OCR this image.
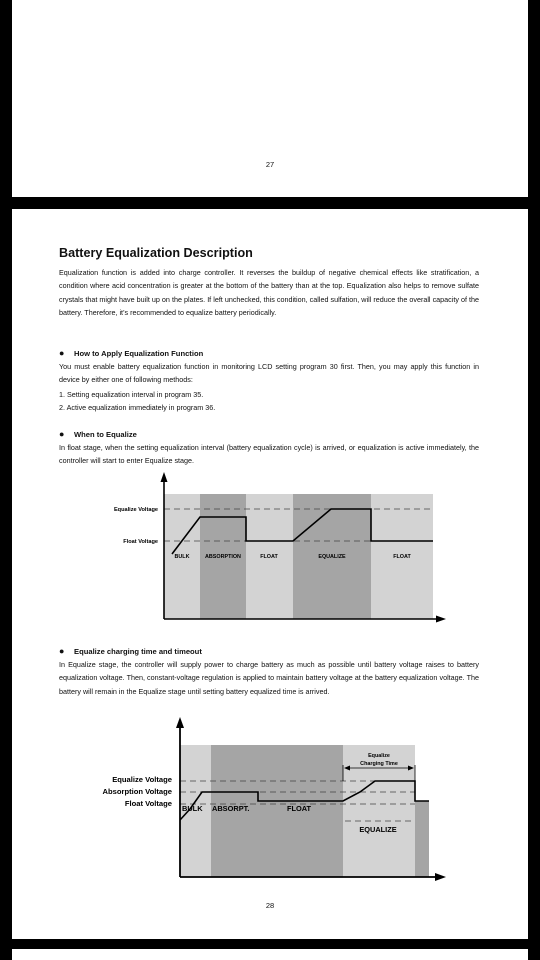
27
Battery Equalization Description

Equalization function is added into charge controller. It reverses the buildup of negative chemical effects like stratification, a condition where acid concentration is greater at the bottom of the battery than at the top. Equalization also helps to remove sulfate crystals that might have built up on the plates. If left unchecked, this condition, called sulfation, will reduce the overall capacity of the battery. Therefore, it’s recommended to equalize battery periodically.

● How to Apply Equalization Function

You must enable battery equalization function in monitoring LCD setting program 30 first. Then, you may apply this function in device by either one of following methods:

1. Setting equalization interval in program 35.
2. Active equalization immediately in program 36.
● When to Equalize

In float stage, when the setting equalization interval (battery equalization cycle) is arrived, or equalization is active immediately, the controller will start to enter Equalize stage.

Equalize Voltage
Float Voltage
BULK	ABSORPTION	FLOAT	EQUALIZE	FLOAT
Equalize
Charging Time
Equalize Voltage
Absorption Voltage
Float Voltage
BULK ABSORPT.	FLOAT
EQUALIZE
● Equalize charging time and timeout

In Equalize stage, the controller will supply power to charge battery as much as possible until battery voltage raises to battery equalization voltage. Then, constant-voltage regulation is applied to maintain battery voltage at the battery equalization voltage. The battery will remain in the Equalize stage until setting battery equalized time is arrived.

28
